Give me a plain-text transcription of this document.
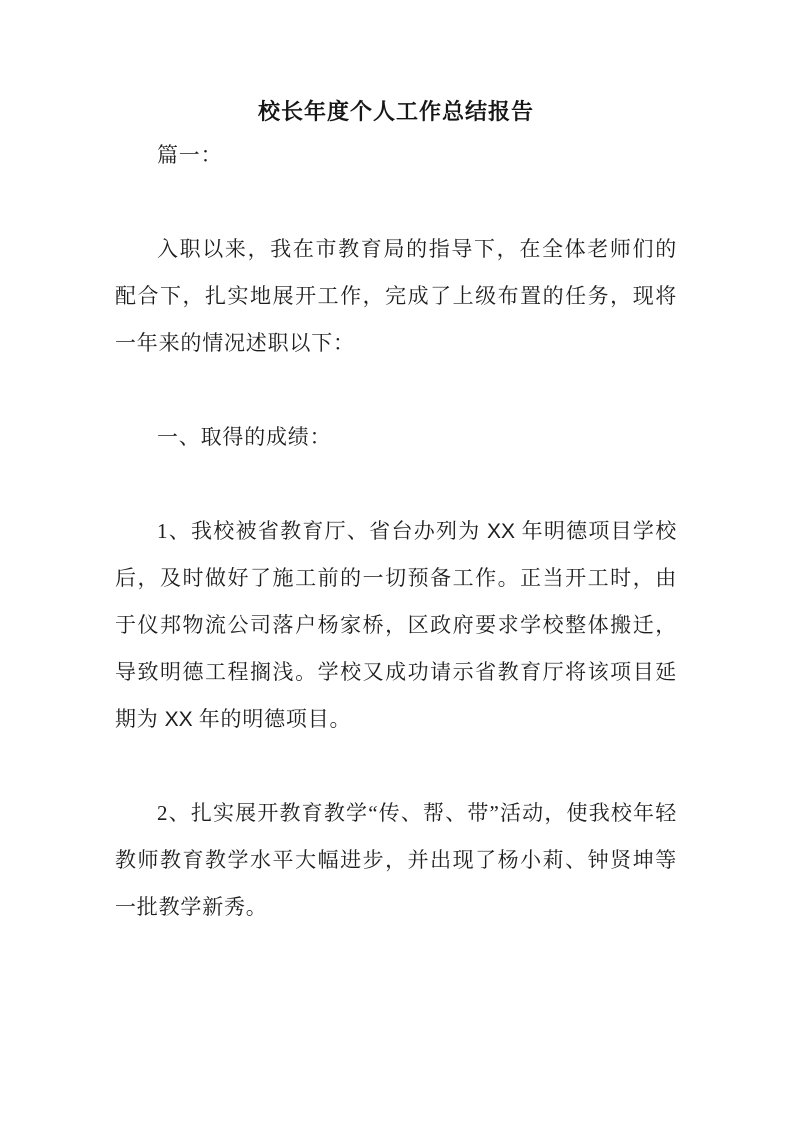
校长年度个人工作总结报告

篇一：

入职以来，我在市教育局的指导下，在全体老师们的配合下，扎实地展开工作，完成了上级布置的任务，现将一年来的情况述职以下：

一、取得的成绩：

1、我校被省教育厅、省台办列为 XX 年明德项目学校后，及时做好了施工前的一切预备工作。正当开工时，由于仪邦物流公司落户杨家桥，区政府要求学校整体搬迁，导致明德工程搁浅。学校又成功请示省教育厅将该项目延期为 XX 年的明德项目。

2、扎实展开教育教学“传、帮、带”活动，使我校年轻教师教育教学水平大幅进步，并出现了杨小莉、钟贤坤等一批教学新秀。
